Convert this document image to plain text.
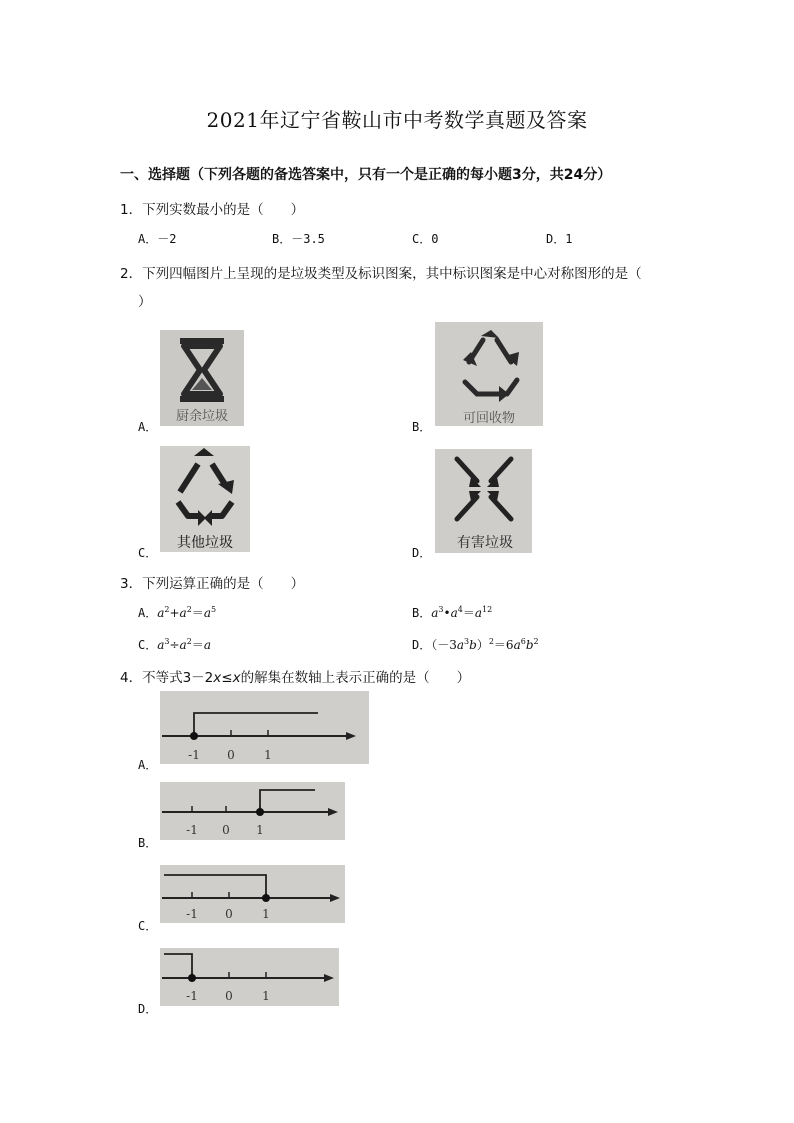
2021年辽宁省鞍山市中考数学真题及答案
一、选择题（下列各题的备选答案中，只有一个是正确的每小题3分，共24分）
1．下列实数最小的是（　　）
A．－2	B．－3.5	C．0	D．1
2．下列四幅图片上呈现的是垃圾类型及标识图案，其中标识图案是中心对称图形的是（
）
A．
厨余垃圾
B．
可回收物
C．
其他垃圾
D．
有害垃圾
3．下列运算正确的是（　　）
A．$a^2+a^2=a^5$	B．$a^3•a^4=a^{12}$
C．$a^3\div a^2=a$	D．$(-3a^3b)^2=6a^6b^2$
4．不等式3－2x≤x的解集在数轴上表示正确的是（　　）
A．
-1 0 1
B．
-1 0 1
C．
-1 0 1
D．
-1 0 1
